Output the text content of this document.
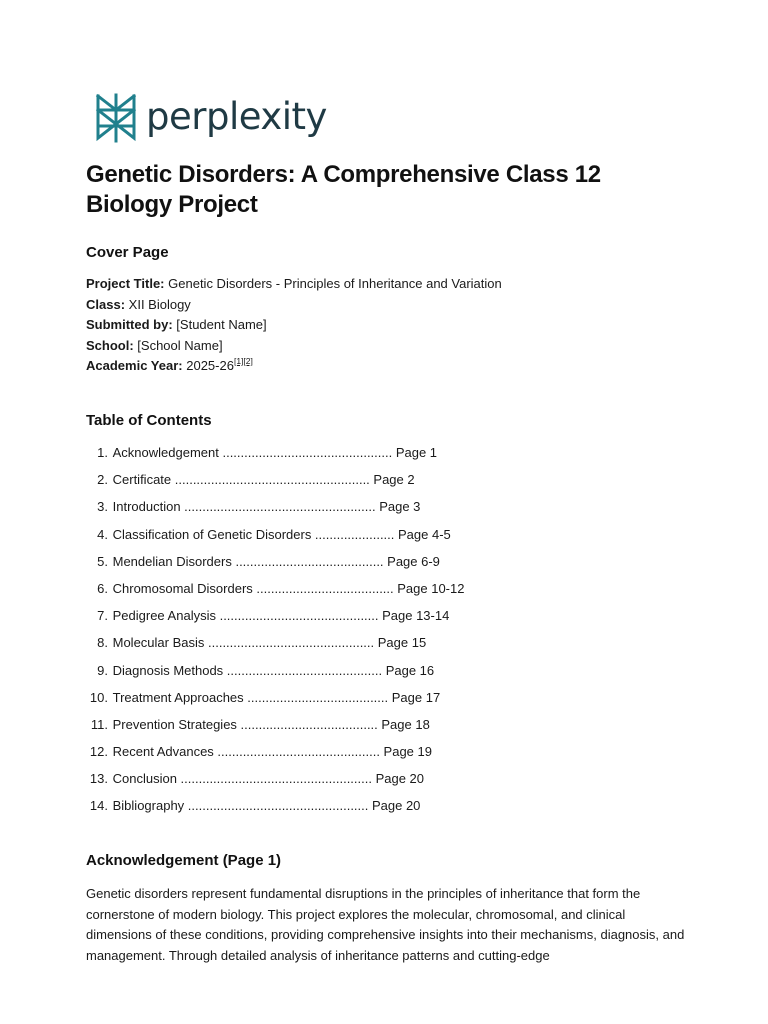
perplexity
Genetic Disorders: A Comprehensive Class 12 Biology Project
Cover Page
Project Title: Genetic Disorders - Principles of Inheritance and Variation
Class: XII Biology
Submitted by: [Student Name]
School: [School Name]
Academic Year: 2025-26[1][2]
Table of Contents
1. Acknowledgement ............................................... Page 1
2. Certificate ...................................................... Page 2
3. Introduction ..................................................... Page 3
4. Classification of Genetic Disorders ...................... Page 4-5
5. Mendelian Disorders ......................................... Page 6-9
6. Chromosomal Disorders ...................................... Page 10-12
7. Pedigree Analysis ............................................ Page 13-14
8. Molecular Basis .............................................. Page 15
9. Diagnosis Methods ........................................... Page 16
10. Treatment Approaches ....................................... Page 17
11. Prevention Strategies ...................................... Page 18
12. Recent Advances ............................................. Page 19
13. Conclusion ..................................................... Page 20
14. Bibliography .................................................. Page 20
Acknowledgement (Page 1)

Genetic disorders represent fundamental disruptions in the principles of inheritance that form the cornerstone of modern biology. This project explores the molecular, chromosomal, and clinical dimensions of these conditions, providing comprehensive insights into their mechanisms, diagnosis, and management. Through detailed analysis of inheritance patterns and cutting-edge
